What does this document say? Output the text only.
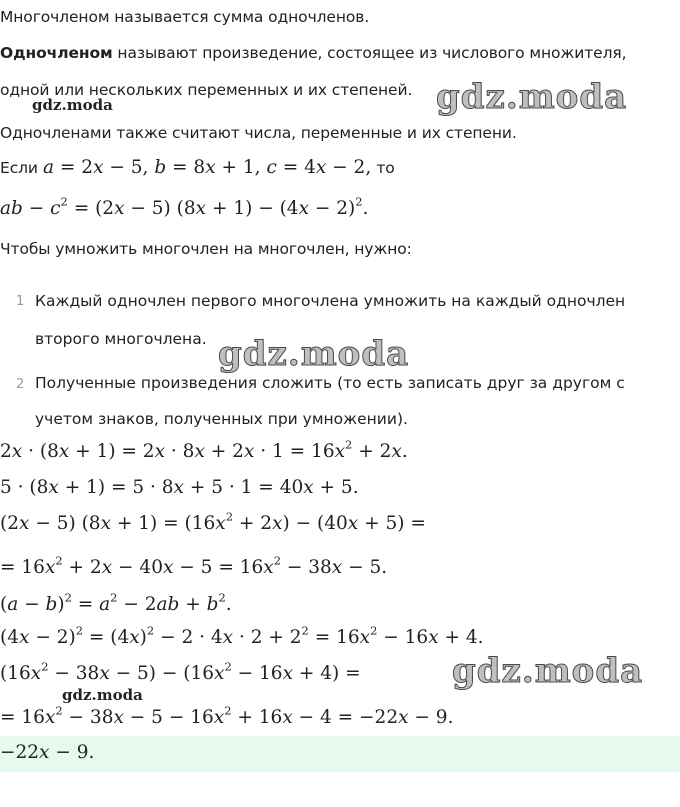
Многочленом называется сумма одночленов.
Одночленом называют произведение, состоящее из числового множителя,
одной или нескольких переменных и их степеней.
Одночленами также считают числа, переменные и их степени.
Если a = 2x − 5, b = 8x + 1, c = 4x − 2, то
ab − $c^2 = (2x - 5) (8x + 1) - (4x - 2)^2$.
Чтобы умножить многочлен на многочлен, нужно:
1 Каждый одночлен первого многочлена умножить на каждый одночлен
второго многочлена.
2 Полученные произведения сложить (то есть записать друг за другом с
учетом знаков, полученных при умножении).
$2x \cdot (8x + 1) = 2x \cdot 8x + 2x \cdot 1 = 16x^2 + 2x$.
5 · (8x + 1) = 5 · 8x + 5 · 1 = 40x + 5.
(2x − 5) $(8x + 1) = (16x^2 + 2x) - (40x + 5)$ =
= $16x^2 + 2x - 40x - 5 = 16x^2 - 38x - 5$.
$(a - b)^2 = a^2 - 2ab + b^2$.
$(4x - 2)^2 = (4x)^2 - 2 \cdot 4x \cdot 2 + 2^2 = 16x^2 - 16x + 4$.
$(16x^2 - 38x - 5) - (16x^2 - 16x + 4)$ =
= $16x^2 - 38x - 5 - 16x^2 + 16x - 4 = -22x - 9$.
−22x − 9.
gdz.moda	gdz.moda
gdz.moda
gdz.moda
gdz.moda
